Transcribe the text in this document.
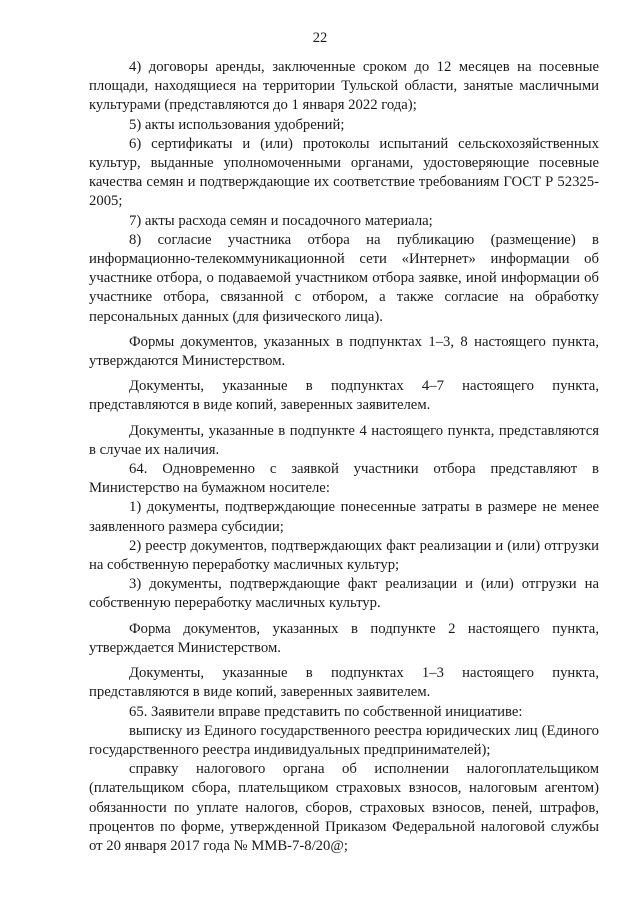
22

4) договоры аренды, заключенные сроком до 12 месяцев на посевные площади, находящиеся на территории Тульской области, занятые масличными культурами (представляются до 1 января 2022 года);

5) акты использования удобрений;

6) сертификаты и (или) протоколы испытаний сельскохозяйственных культур, выданные уполномоченными органами, удостоверяющие посевные качества семян и подтверждающие их соответствие требованиям ГОСТ Р 52325-2005;

7) акты расхода семян и посадочного материала;

8) согласие участника отбора на публикацию (размещение) в информационно-телекоммуникационной сети «Интернет» информации об участнике отбора, о подаваемой участником отбора заявке, иной информации об участнике отбора, связанной с отбором, а также согласие на обработку персональных данных (для физического лица).

Формы документов, указанных в подпунктах 1–3, 8 настоящего пункта, утверждаются Министерством.

Документы, указанные в подпунктах 4–7 настоящего пункта, представляются в виде копий, заверенных заявителем.

Документы, указанные в подпункте 4 настоящего пункта, представляются в случае их наличия.

64. Одновременно с заявкой участники отбора представляют в Министерство на бумажном носителе:

1) документы, подтверждающие понесенные затраты в размере не менее заявленного размера субсидии;

2) реестр документов, подтверждающих факт реализации и (или) отгрузки на собственную переработку масличных культур;

3) документы, подтверждающие факт реализации и (или) отгрузки на собственную переработку масличных культур.

Форма документов, указанных в подпункте 2 настоящего пункта, утверждается Министерством.

Документы, указанные в подпунктах 1–3 настоящего пункта, представляются в виде копий, заверенных заявителем.

65. Заявители вправе представить по собственной инициативе:

выписку из Единого государственного реестра юридических лиц (Единого государственного реестра индивидуальных предпринимателей);

справку налогового органа об исполнении налогоплательщиком (плательщиком сбора, плательщиком страховых взносов, налоговым агентом) обязанности по уплате налогов, сборов, страховых взносов, пеней, штрафов, процентов по форме, утвержденной Приказом Федеральной налоговой службы от 20 января 2017 года № ММВ-7-8/20@;
